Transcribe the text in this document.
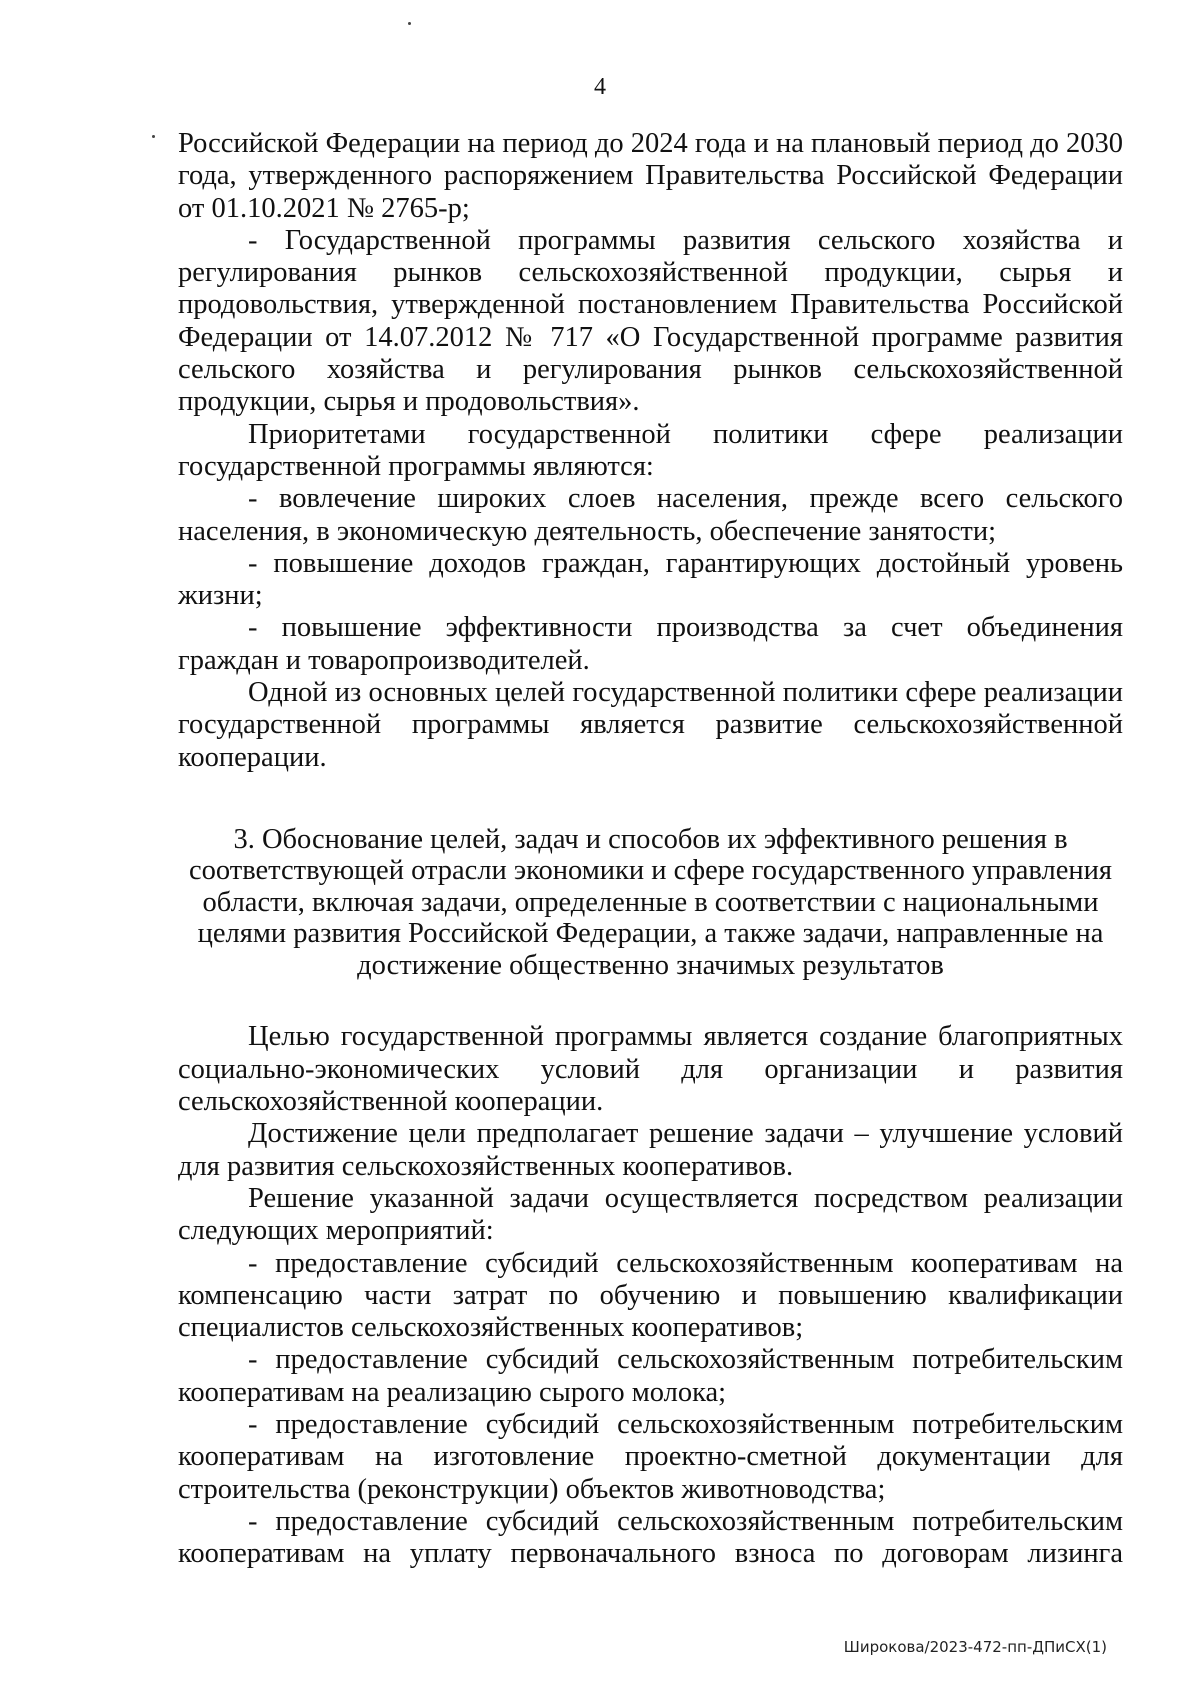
4

Российской Федерации на период до 2024 года и на плановый период до 2030 года, утвержденного распоряжением Правительства Российской Федерации от 01.10.2021 № 2765-р;

- Государственной программы развития сельского хозяйства и регулирования рынков сельскохозяйственной продукции, сырья и продовольствия, утвержденной постановлением Правительства Российской Федерации от 14.07.2012 № 717 «О Государственной программе развития сельского хозяйства и регулирования рынков сельскохозяйственной продукции, сырья и продовольствия».

Приоритетами государственной политики сфере реализации государственной программы являются:

- вовлечение широких слоев населения, прежде всего сельского населения, в экономическую деятельность, обеспечение занятости;

- повышение доходов граждан, гарантирующих достойный уровень жизни;

- повышение эффективности производства за счет объединения граждан и товаропроизводителей.

Одной из основных целей государственной политики сфере реализации государственной программы является развитие сельскохозяйственной кооперации.

3. Обоснование целей, задач и способов их эффективного решения в соответствующей отрасли экономики и сфере государственного управления области, включая задачи, определенные в соответствии с национальными целями развития Российской Федерации, а также задачи, направленные на достижение общественно значимых результатов

Целью государственной программы является создание благоприятных социально-экономических условий для организации и развития сельскохозяйственной кооперации.

Достижение цели предполагает решение задачи – улучшение условий для развития сельскохозяйственных кооперативов.

Решение указанной задачи осуществляется посредством реализации следующих мероприятий:

- предоставление субсидий сельскохозяйственным кооперативам на компенсацию части затрат по обучению и повышению квалификации специалистов сельскохозяйственных кооперативов;

- предоставление субсидий сельскохозяйственным потребительским кооперативам на реализацию сырого молока;

- предоставление субсидий сельскохозяйственным потребительским кооперативам на изготовление проектно-сметной документации для строительства (реконструкции) объектов животноводства;

- предоставление субсидий сельскохозяйственным потребительским кооперативам на уплату первоначального взноса по договорам лизинга

Широкова/2023-472-пп-ДПиСХ(1)
